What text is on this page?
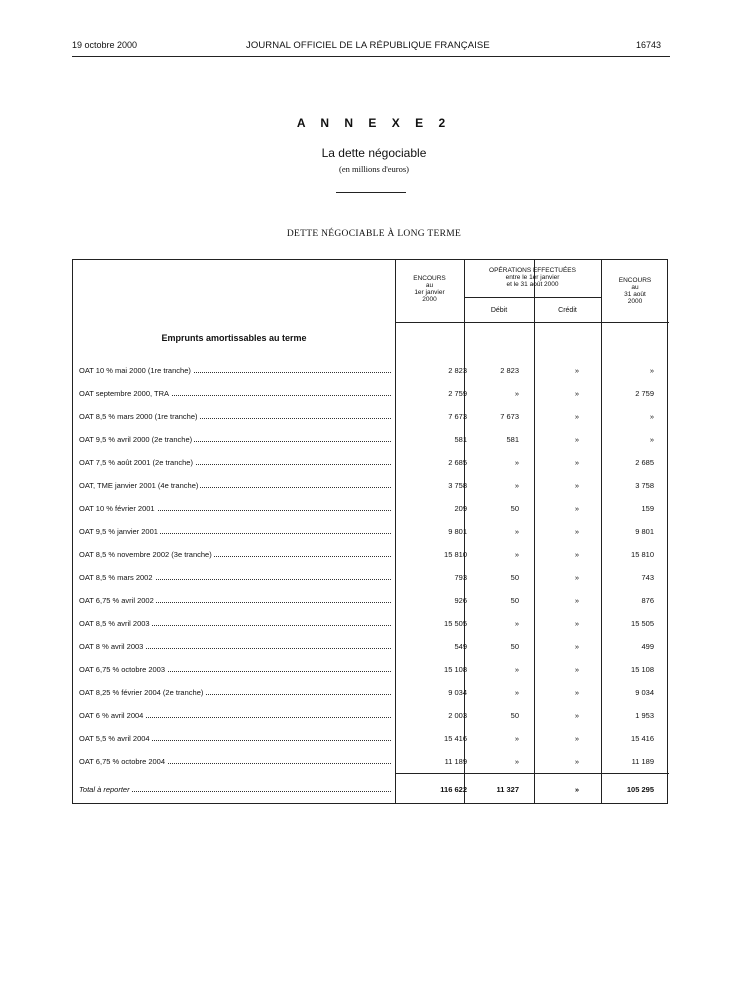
19 octobre 2000	JOURNAL OFFICIEL DE LA RÉPUBLIQUE FRANÇAISE	16743
A N N E X E 2
La dette négociable
(en millions d'euros)
DETTE NÉGOCIABLE À LONG TERME
ENCOURS
au
1er janvier
2000
OPÉRATIONS EFFECTUÉES
entre le 1er janvier
et le 31 août 2000
Débit	Crédit
ENCOURS
au
31 août
2000
Emprunts amortissables au terme
OAT 10 % mai 2000 (1re tranche)	2 823	2 823	»	»
OAT septembre 2000, TRA	2 759	»	»	2 759
OAT 8,5 % mars 2000 (1re tranche)	7 673	7 673	»	»
OAT 9,5 % avril 2000 (2e tranche)	581	581	»	»
OAT 7,5 % août 2001 (2e tranche)	2 685	»	»	2 685
OAT, TME janvier 2001 (4e tranche)	3 758	»	»	3 758
OAT 10 % février 2001	209	50	»	159
OAT 9,5 % janvier 2001	9 801	»	»	9 801
OAT 8,5 % novembre 2002 (3e tranche)	15 810	»	»	15 810
OAT 8,5 % mars 2002	793	50	»	743
OAT 6,75 % avril 2002	926	50	»	876
OAT 8,5 % avril 2003	15 505	»	»	15 505
OAT 8 % avril 2003	549	50	»	499
OAT 6,75 % octobre 2003	15 108	»	»	15 108
OAT 8,25 % février 2004 (2e tranche)	9 034	»	»	9 034
OAT 6 % avril 2004	2 003	50	»	1 953
OAT 5,5 % avril 2004	15 416	»	»	15 416
OAT 6,75 % octobre 2004	11 189	»	»	11 189
Total à reporter	116 622	11 327	»	105 295
